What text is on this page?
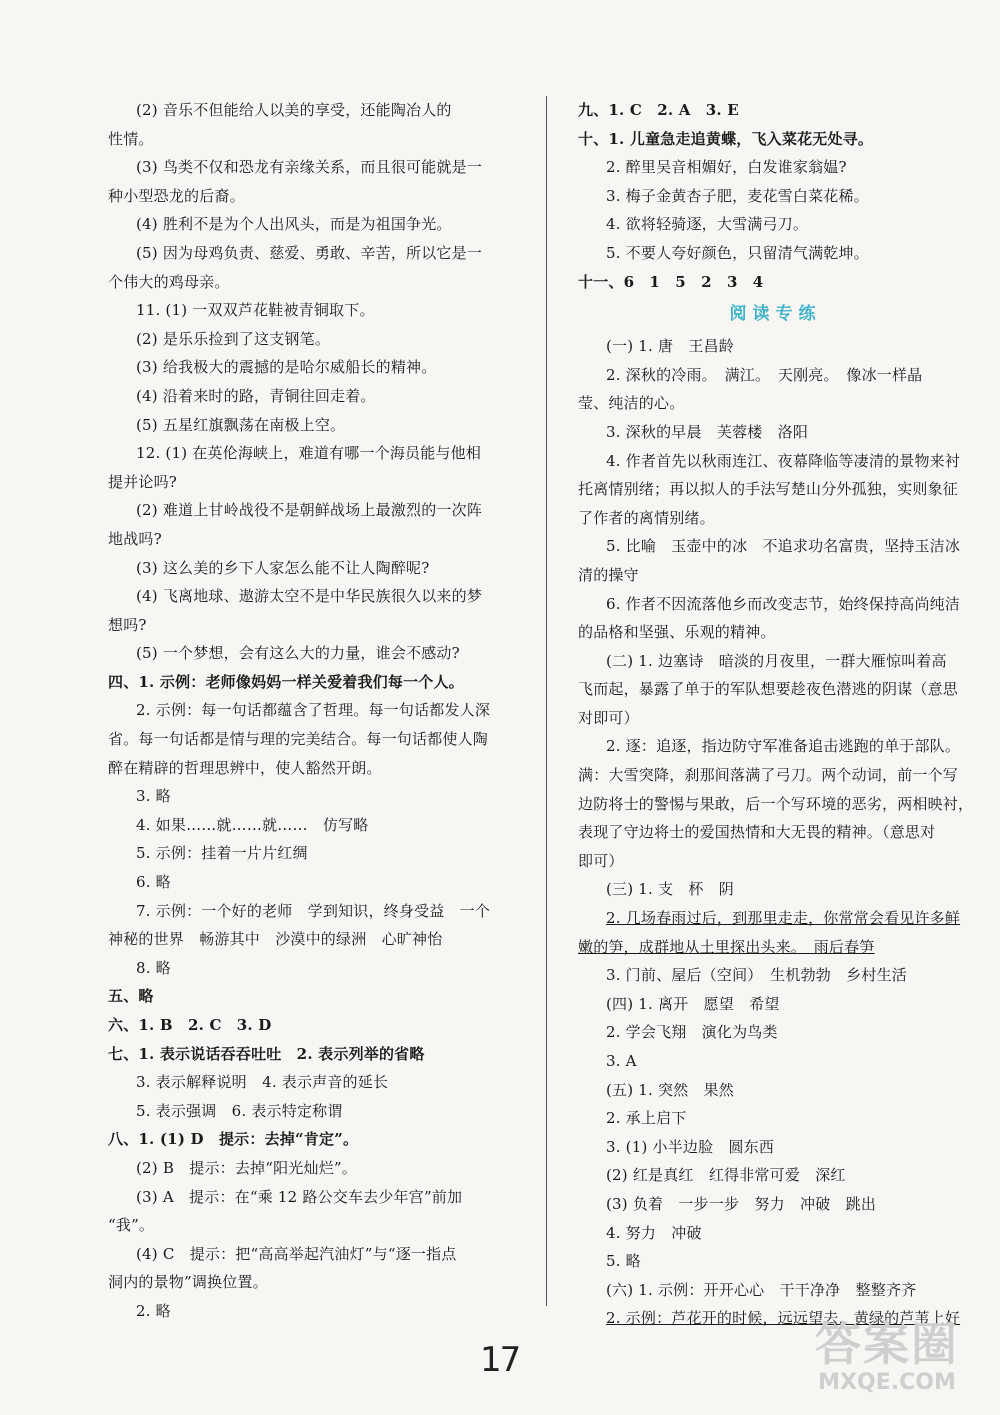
(2) 音乐不但能给人以美的享受，还能陶冶人的
性情。
(3) 鸟类不仅和恐龙有亲缘关系，而且很可能就是一
种小型恐龙的后裔。
(4) 胜利不是为个人出风头，而是为祖国争光。
(5) 因为母鸡负责、慈爱、勇敢、辛苦，所以它是一
个伟大的鸡母亲。
11. (1) 一双双芦花鞋被青铜取下。
(2) 是乐乐捡到了这支钢笔。
(3) 给我极大的震撼的是哈尔威船长的精神。
(4) 沿着来时的路，青铜往回走着。
(5) 五星红旗飘荡在南极上空。
12. (1) 在英伦海峡上，难道有哪一个海员能与他相
提并论吗?
(2) 难道上甘岭战役不是朝鲜战场上最激烈的一次阵
地战吗?
(3) 这么美的乡下人家怎么能不让人陶醉呢?
(4) 飞离地球、遨游太空不是中华民族很久以来的梦
想吗?
(5) 一个梦想，会有这么大的力量，谁会不感动?
四、1. 示例：老师像妈妈一样关爱着我们每一个人。
2. 示例：每一句话都蕴含了哲理。每一句话都发人深
省。每一句话都是情与理的完美结合。每一句话都使人陶
醉在精辟的哲理思辨中，使人豁然开朗。
3. 略
4. 如果……就……就……　仿写略
5. 示例：挂着一片片红绸
6. 略
7. 示例：一个好的老师　学到知识，终身受益　一个
神秘的世界　畅游其中　沙漠中的绿洲　心旷神怡
8. 略
五、略
六、1. B　2. C　3. D
七、1. 表示说话吞吞吐吐　2. 表示列举的省略
3. 表示解释说明　4. 表示声音的延长
5. 表示强调　6. 表示特定称谓
八、1. (1) D　提示：去掉“肯定”。
(2) B　提示：去掉“阳光灿烂”。
(3) A　提示：在“乘 12 路公交车去少年宫”前加
“我”。
(4) C　提示：把“高高举起汽油灯”与“逐一指点
洞内的景物”调换位置。
2. 略
九、1. C　2. A　3. E
十、1. 儿童急走追黄蝶，飞入菜花无处寻。
2. 醉里吴音相媚好，白发谁家翁媪?
3. 梅子金黄杏子肥，麦花雪白菜花稀。
4. 欲将轻骑逐，大雪满弓刀。
5. 不要人夸好颜色，只留清气满乾坤。
十一、6　1　5　2　3　4
阅读专练
(一) 1. 唐　王昌龄
2. 深秋的冷雨。　满江。　天刚亮。　像冰一样晶
莹、纯洁的心。
3. 深秋的早晨　芙蓉楼　洛阳
4. 作者首先以秋雨连江、夜幕降临等凄清的景物来衬
托离情别绪；再以拟人的手法写楚山分外孤独，实则象征
了作者的离情别绪。
5. 比喻　玉壶中的冰　不追求功名富贵，坚持玉洁冰
清的操守
6. 作者不因流落他乡而改变志节，始终保持高尚纯洁
的品格和坚强、乐观的精神。
(二) 1. 边塞诗　暗淡的月夜里，一群大雁惊叫着高
飞而起，暴露了单于的军队想要趁夜色潜逃的阴谋（意思
对即可）
2. 逐：追逐，指边防守军准备追击逃跑的单于部队。
满：大雪突降，刹那间落满了弓刀。两个动词，前一个写
边防将士的警惕与果敢，后一个写环境的恶劣，两相映衬，
表现了守边将士的爱国热情和大无畏的精神。（意思对
即可）
(三) 1. 支　杯　阴
2. 几场春雨过后，到那里走走，你常常会看见许多鲜
嫩的笋，成群地从土里探出头来。　雨后春笋
3. 门前、屋后（空间）　生机勃勃　乡村生活
(四) 1. 离开　愿望　希望
2. 学会飞翔　演化为鸟类
3. A
(五) 1. 突然　果然
2. 承上启下
3. (1) 小半边脸　圆东西
(2) 红是真红　红得非常可爱　深红
(3) 负着　一步一步　努力　冲破　跳出
4. 努力　冲破
5. 略
(六) 1. 示例：开开心心　干干净净　整整齐齐
2. 示例：芦花开的时候，远远望去，黄绿的芦苇上好
17	答案圈
MXQE.COM
